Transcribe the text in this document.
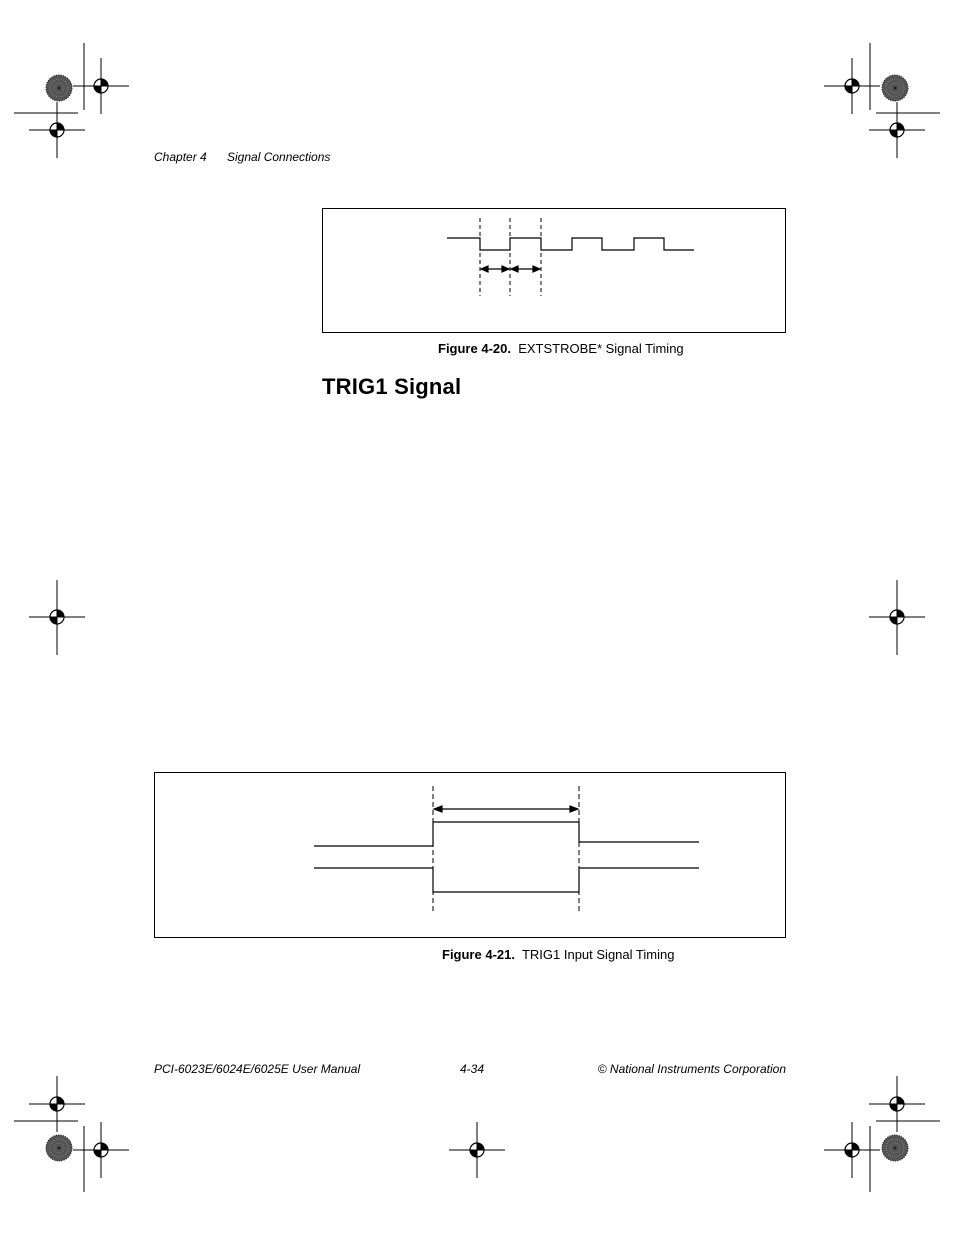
Chapter 4 Signal Connections
Figure 4-20. EXTSTROBE* Signal Timing
TRIG1 Signal
Figure 4-21. TRIG1 Input Signal Timing
PCI-6023E/6024E/6025E User Manual	4-34	© National Instruments Corporation
